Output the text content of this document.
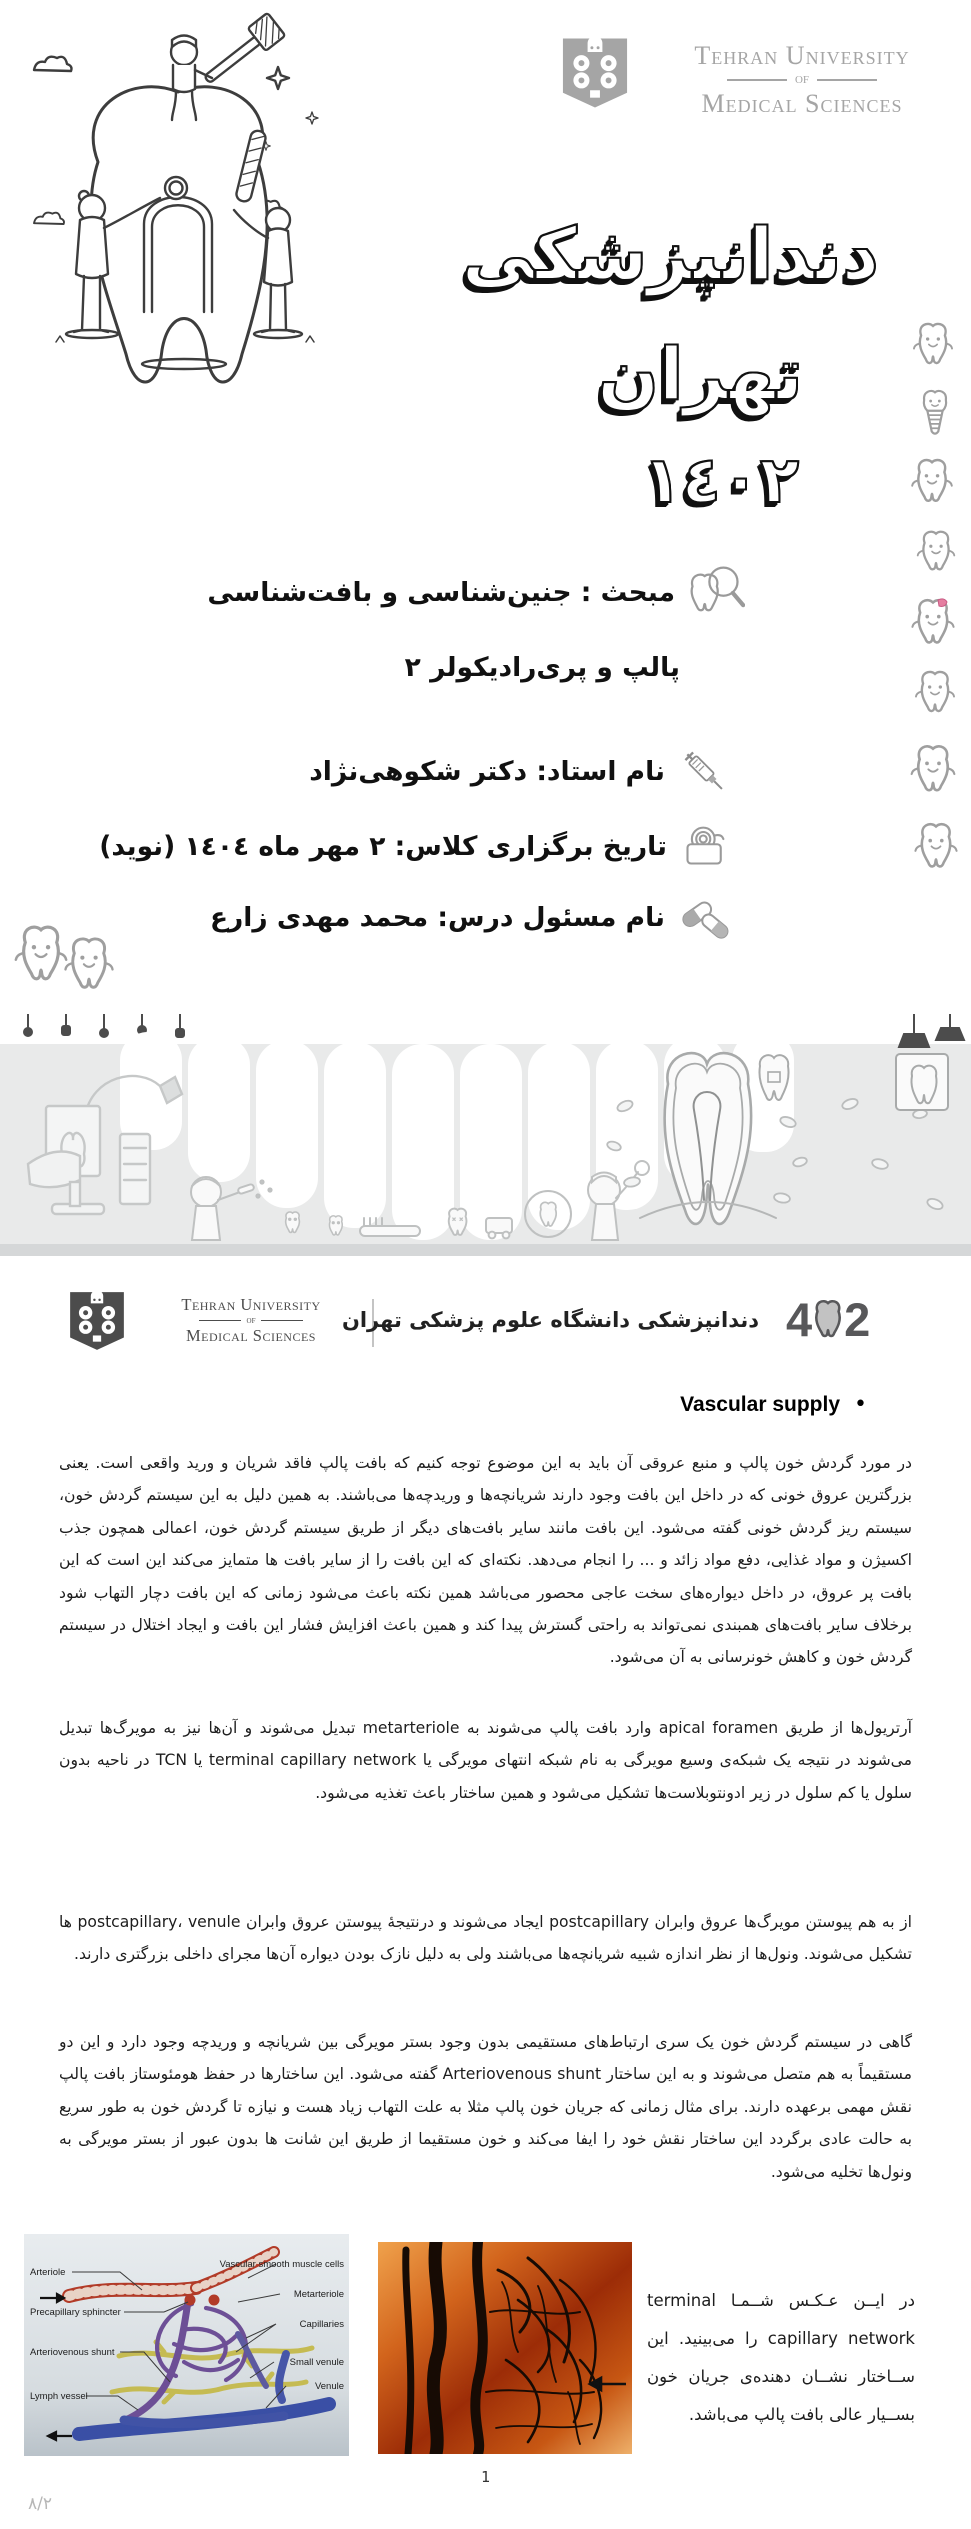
Tehran University
of
Medical Sciences
دندانپزشکی
تهران
١٤٠٢
مبحث : جنین‌شناسی و بافت‌شناسی
پالپ و پری‌رادیکولر ٢
نام استاد: دکتر شکوهی‌نژاد
تاریخ برگزاری کلاس: ٢ مهر ماه ١٤٠٤ (نوید)
نام مسئول درس: محمد مهدی زارع
Tehran University
of
Medical Sciences
دندانپزشکی دانشگاه علوم پزشکی تهران 4 2
•
Vascular supply
در مورد گردش خون پالپ و منبع عروقی آن باید به این موضوع توجه کنیم که بافت پالپ فاقد شریان و ورید واقعی است. یعنی بزرگترین عروق خونی که در داخل این بافت وجود دارند شریانچه‌ها و وریدچه‌ها می‌باشند. به همین دلیل به این سیستم گردش خون، سیستم ریز گردش خونی گفته می‌شود. این بافت مانند سایر بافت‌های دیگر از طریق سیستم گردش خون، اعمالی همچون جذب اکسیژن و مواد غذایی، دفع مواد زائد و ... را انجام می‌دهد. نکته‌ای که این بافت را از سایر بافت ها متمایز می‌کند این است که این بافت پر عروق، در داخل دیواره‌های سخت عاجی محصور می‌باشد همین نکته باعث می‌شود زمانی که این بافت دچار التهاب شود برخلاف سایر بافت‌های همبندی نمی‌تواند به راحتی گسترش پیدا کند و همین باعث افزایش فشار این بافت و ایجاد اختلال در سیستم گردش خون و کاهش خونرسانی به آن می‌شود.
آرتریول‌ها از طریق apical foramen وارد بافت پالپ می‌شوند به metarteriole تبدیل می‌شوند و آن‌ها نیز به مویرگ‌ها تبدیل می‌شوند در نتیجه یک شبکه‌ی وسیع مویرگی به نام شبکه انتهای مویرگی یا terminal capillary network یا TCN در ناحیه بدون سلول یا کم سلول در زیر ادونتوبلاست‌ها تشکیل می‌شود و همین ساختار باعث تغذیه می‌شود.
از به هم پیوستن مویرگ‌ها عروق وابران postcapillary ایجاد می‌شوند و درنتیجهٔ پیوستن عروق وابران postcapillary، venule ها تشکیل می‌شوند. ونول‌ها از نظر اندازه شبیه شریانچه‌ها می‌باشند ولی به دلیل نازک بودن دیواره آن‌ها مجرای داخلی بزرگتری دارند.
گاهی در سیستم گردش خون یک سری ارتباط‌های مستقیمی بدون وجود بستر مویرگی بین شریانچه و وریدچه وجود دارد و این دو مستقیماً به هم متصل می‌شوند و به این ساختار Arteriovenous shunt گفته می‌شود. این ساختارها در حفظ هومئوستاز بافت پالپ نقش مهمی برعهده دارند. برای مثال زمانی که جریان خون پالپ مثلا به علت التهاب زیاد هست و نیازه تا گردش خون به طور سریع به حالت عادی برگردد این ساختار نقش خود را ایفا می‌کند و خون مستقیما از طریق این شانت ها بدون عبور از بستر مویرگی به ونول‌ها تخلیه می‌شود.
Arteriole
Precapillary sphincter
Arteriovenous shunt
Lymph vessel
Vascular smooth muscle cells
Metarteriole
Capillaries
Small venule
Venule
در ایــن عـکـس شــمـا terminal capillary network را می‌بینید. این ســاختار نشــان دهنده‌ی جریان خون بســیار عالی بافت پالپ می‌باشد.
1
٨/٢
